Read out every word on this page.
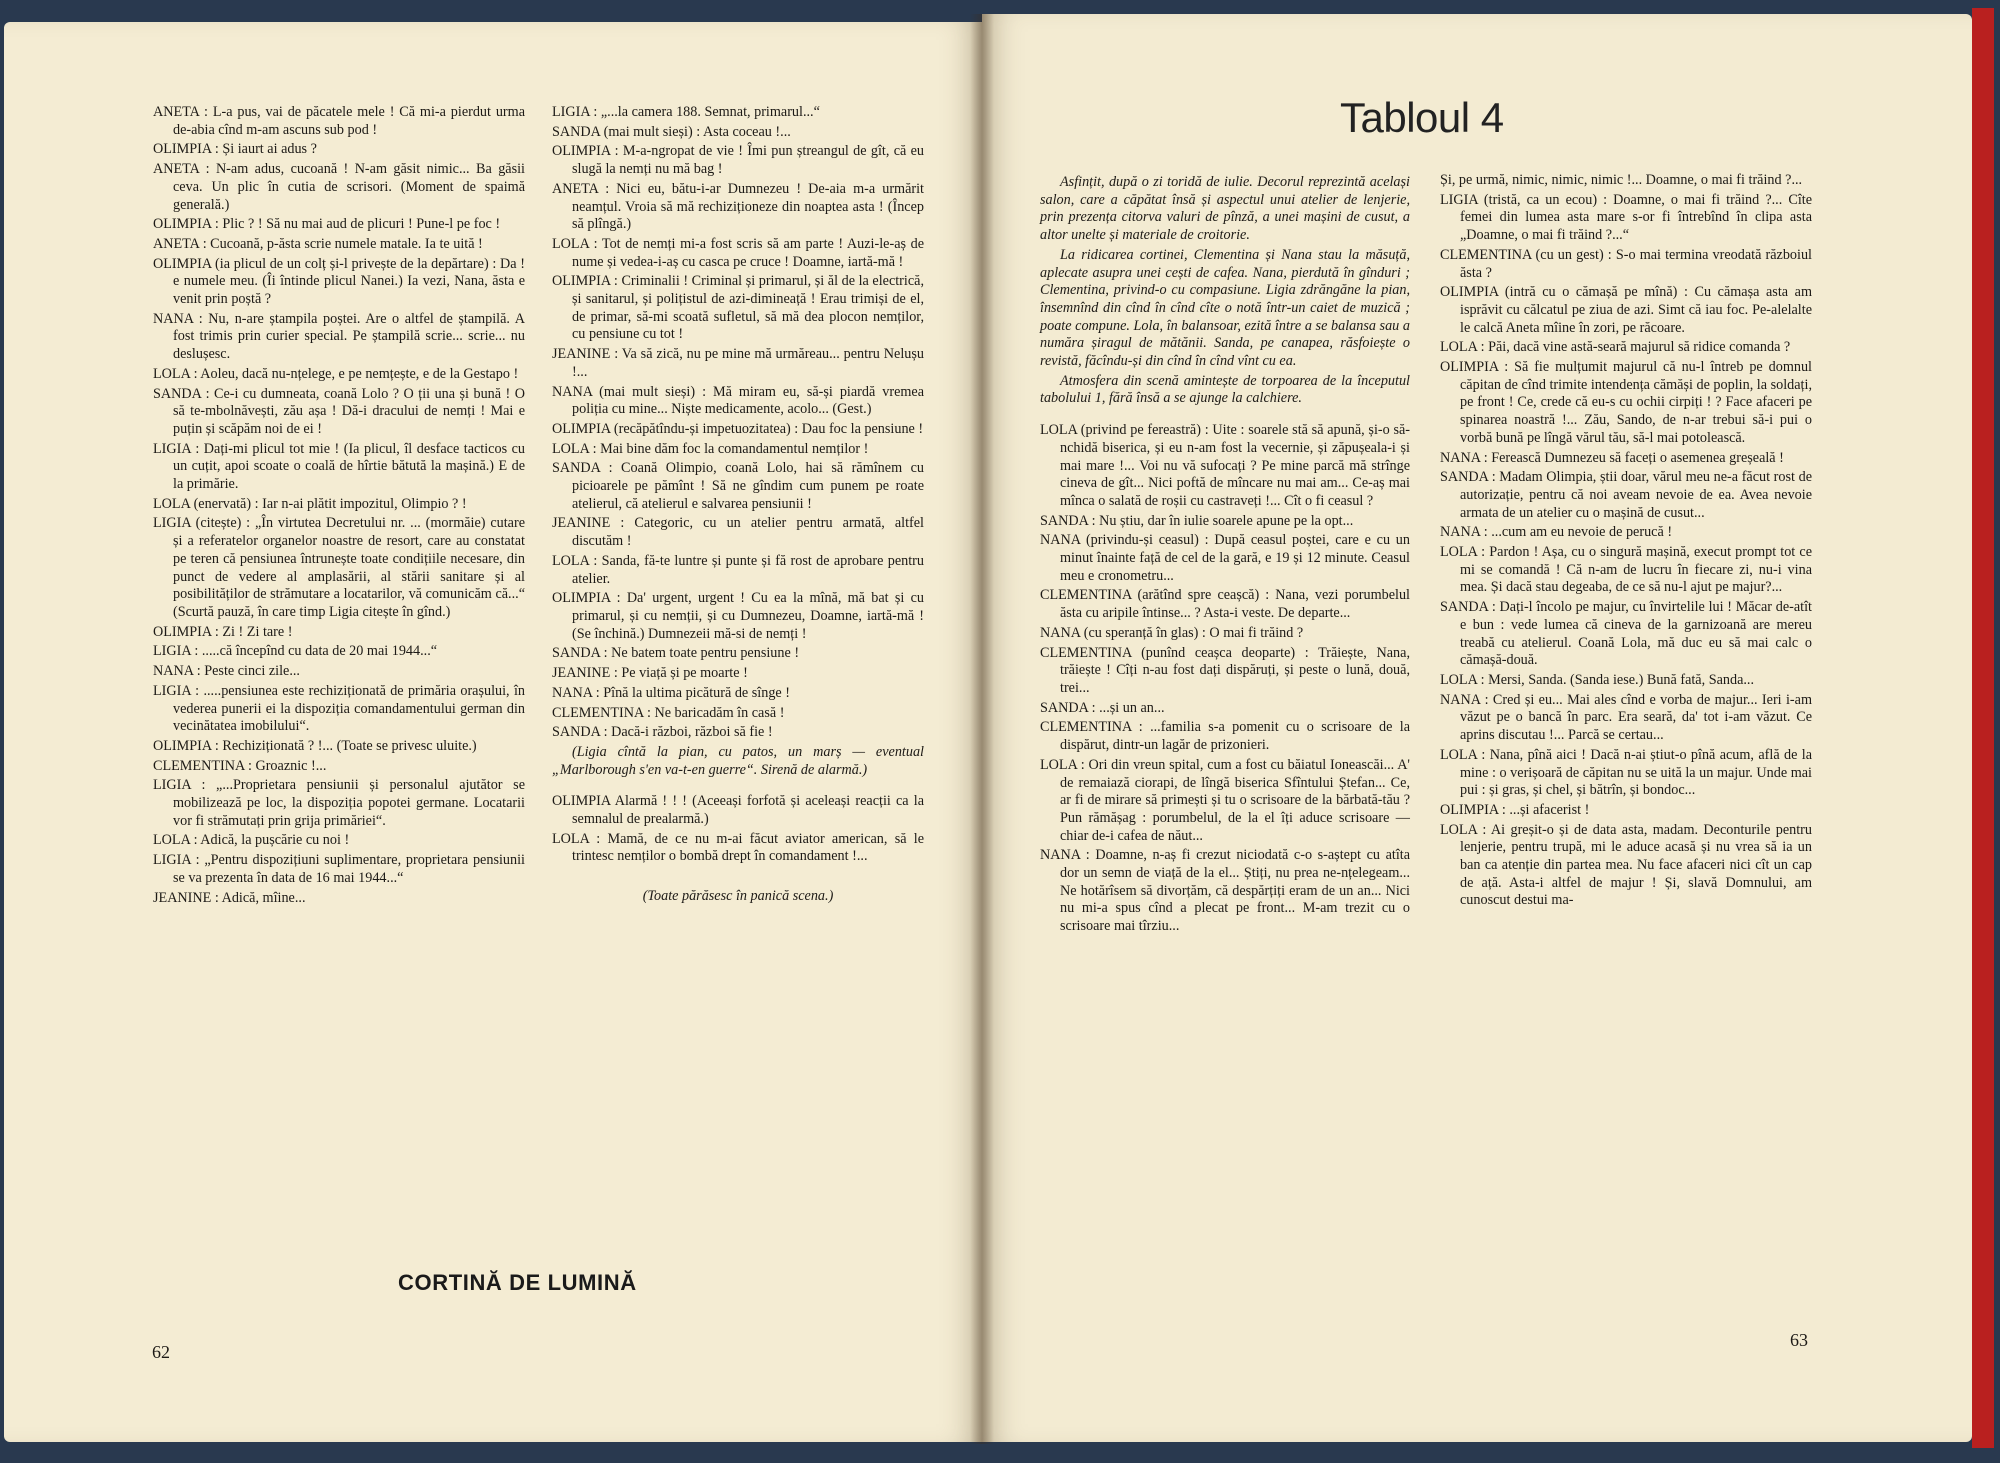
ANETA : L-a pus, vai de păcatele mele ! Că mi-a pierdut urma de-abia cînd m-am ascuns sub pod !

OLIMPIA : Și iaurt ai adus ?

ANETA : N-am adus, cucoană ! N-am găsit nimic... Ba găsii ceva. Un plic în cutia de scrisori. (Moment de spaimă generală.)

OLIMPIA : Plic ? ! Să nu mai aud de plicuri ! Pune-l pe foc !

ANETA : Cucoană, p-ăsta scrie numele matale. Ia te uită !

OLIMPIA (ia plicul de un colț și-l privește de la depărtare) : Da ! e numele meu. (Îi întinde plicul Nanei.) Ia vezi, Nana, ăsta e venit prin poștă ?

NANA : Nu, n-are ștampila poștei. Are o altfel de ștampilă. A fost trimis prin curier special. Pe ștampilă scrie... scrie... nu deslușesc.

LOLA : Aoleu, dacă nu-nțelege, e pe nemțește, e de la Gestapo !

SANDA : Ce-i cu dumneata, coană Lolo ? O ții una și bună ! O să te-mbolnăvești, zău așa ! Dă-i dracului de nemți ! Mai e puțin și scăpăm noi de ei !

LIGIA : Dați-mi plicul tot mie ! (Ia plicul, îl desface tacticos cu un cuțit, apoi scoate o coală de hîrtie bătută la mașină.) E de la primărie.

LOLA (enervată) : Iar n-ai plătit impozitul, Olimpio ? !

LIGIA (citește) : „În virtutea Decretului nr. ... (mormăie) cutare și a referatelor organelor noastre de resort, care au constatat pe teren că pensiunea întrunește toate condițiile necesare, din punct de vedere al amplasării, al stării sanitare și al posibilităților de strămutare a locatarilor, vă comunicăm că...“ (Scurtă pauză, în care timp Ligia citește în gînd.)

OLIMPIA : Zi ! Zi tare !

LIGIA : .....că începînd cu data de 20 mai 1944...“

NANA : Peste cinci zile...

LIGIA : .....pensiunea este rechiziționată de primăria orașului, în vederea punerii ei la dispoziția comandamentului german din vecinătatea imobilului“.

OLIMPIA : Rechiziționată ? !... (Toate se privesc uluite.)

CLEMENTINA : Groaznic !...

LIGIA : „...Proprietara pensiunii și personalul ajutător se mobilizează pe loc, la dispoziția popotei germane. Locatarii vor fi strămutați prin grija primăriei“.

LOLA : Adică, la pușcărie cu noi !

LIGIA : „Pentru dispozițiuni suplimentare, proprietara pensiunii se va prezenta în data de 16 mai 1944...“

JEANINE : Adică, mîine...

LIGIA : „...la camera 188. Semnat, primarul...“

SANDA (mai mult sieși) : Asta coceau !...

OLIMPIA : M-a-ngropat de vie ! Îmi pun ștreangul de gît, că eu slugă la nemți nu mă bag !

ANETA : Nici eu, bătu-i-ar Dumnezeu ! De-aia m-a urmărit neamțul. Vroia să mă rechiziționeze din noaptea asta ! (Încep să plîngă.)

LOLA : Tot de nemți mi-a fost scris să am parte ! Auzi-le-aș de nume și vedea-i-aș cu casca pe cruce ! Doamne, iartă-mă !

OLIMPIA : Criminalii ! Criminal și primarul, și ăl de la electrică, și sanitarul, și polițistul de azi-dimineață ! Erau trimiși de el, de primar, să-mi scoată sufletul, să mă dea plocon nemților, cu pensiune cu tot !

JEANINE : Va să zică, nu pe mine mă urmăreau... pentru Nelușu !...

NANA (mai mult sieși) : Mă miram eu, să-și piardă vremea poliția cu mine... Niște medicamente, acolo... (Gest.)

OLIMPIA (recăpătîndu-și impetuozitatea) : Dau foc la pensiune !

LOLA : Mai bine dăm foc la comandamentul nemților !

SANDA : Coană Olimpio, coană Lolo, hai să rămînem cu picioarele pe pămînt ! Să ne gîndim cum punem pe roate atelierul, că atelierul e salvarea pensiunii !

JEANINE : Categoric, cu un atelier pentru armată, altfel discutăm !

LOLA : Sanda, fă-te luntre și punte și fă rost de aprobare pentru atelier.

OLIMPIA : Da' urgent, urgent ! Cu ea la mînă, mă bat și cu primarul, și cu nemții, și cu Dumnezeu, Doamne, iartă-mă ! (Se închină.) Dumnezeii mă-si de nemți !

SANDA : Ne batem toate pentru pensiune !

JEANINE : Pe viață și pe moarte !

NANA : Pînă la ultima picătură de sînge !

CLEMENTINA : Ne baricadăm în casă !

SANDA : Dacă-i război, război să fie !

(Ligia cîntă la pian, cu patos, un marș — eventual „Marlborough s'en va-t-en guerre“. Sirenă de alarmă.)

OLIMPIA Alarmă ! ! ! (Aceeași forfotă și aceleași reacții ca la semnalul de prealarmă.)

LOLA : Mamă, de ce nu m-ai făcut aviator american, să le trintesc nemților o bombă drept în comandament !...

(Toate părăsesc în panică scena.)

CORTINĂ DE LUMINĂ
62
Tabloul 4

Asfințit, după o zi toridă de iulie. Decorul reprezintă același salon, care a căpătat însă și aspectul unui atelier de lenjerie, prin prezența citorva valuri de pînză, a unei mașini de cusut, a altor unelte și materiale de croitorie.

La ridicarea cortinei, Clementina și Nana stau la măsuță, aplecate asupra unei cești de cafea. Nana, pierdută în gînduri ; Clementina, privind-o cu compasiune. Ligia zdrăngăne la pian, însemnînd din cînd în cînd cîte o notă într-un caiet de muzică ; poate compune. Lola, în balansoar, ezită între a se balansa sau a număra șiragul de mătănii. Sanda, pe canapea, răsfoiește o revistă, făcîndu-și din cînd în cînd vînt cu ea.

Atmosfera din scenă amintește de torpoarea de la începutul tabolului 1, fără însă a se ajunge la calchiere.

LOLA (privind pe fereastră) : Uite : soarele stă să apună, și-o să-nchidă biserica, și eu n-am fost la vecernie, și zăpușeala-i și mai mare !... Voi nu vă sufocați ? Pe mine parcă mă strînge cineva de gît... Nici poftă de mîncare nu mai am... Ce-aș mai mînca o salată de roșii cu castraveți !... Cît o fi ceasul ?

SANDA : Nu știu, dar în iulie soarele apune pe la opt...

NANA (privindu-și ceasul) : După ceasul poștei, care e cu un minut înainte față de cel de la gară, e 19 și 12 minute. Ceasul meu e cronometru...

CLEMENTINA (arătînd spre ceașcă) : Nana, vezi porumbelul ăsta cu aripile întinse... ? Asta-i veste. De departe...

NANA (cu speranță în glas) : O mai fi trăind ?

CLEMENTINA (punînd ceașca deoparte) : Trăiește, Nana, trăiește ! Cîți n-au fost dați dispăruți, și peste o lună, două, trei...

SANDA : ...și un an...

CLEMENTINA : ...familia s-a pomenit cu o scrisoare de la dispărut, dintr-un lagăr de prizonieri.

LOLA : Ori din vreun spital, cum a fost cu băiatul Ioneascăi... A' de remaiază ciorapi, de lîngă biserica Sfîntului Ștefan... Ce, ar fi de mirare să primești și tu o scrisoare de la bărbată-tău ? Pun rămășag : porumbelul, de la el îți aduce scrisoare — chiar de-i cafea de năut...

NANA : Doamne, n-aș fi crezut niciodată c-o s-aștept cu atîta dor un semn de viață de la el... Știți, nu prea ne-nțelegeam... Ne hotărîsem să divorțăm, că despărțiți eram de un an... Nici nu mi-a spus cînd a plecat pe front... M-am trezit cu o scrisoare mai tîrziu...

Și, pe urmă, nimic, nimic, nimic !... Doamne, o mai fi trăind ?...

LIGIA (tristă, ca un ecou) : Doamne, o mai fi trăind ?... Cîte femei din lumea asta mare s-or fi întrebînd în clipa asta „Doamne, o mai fi trăind ?...“

CLEMENTINA (cu un gest) : S-o mai termina vreodată războiul ăsta ?

OLIMPIA (intră cu o cămașă pe mînă) : Cu cămașa asta am isprăvit cu călcatul pe ziua de azi. Simt că iau foc. Pe-alelalte le calcă Aneta mîine în zori, pe răcoare.

LOLA : Păi, dacă vine astă-seară majurul să ridice comanda ?

OLIMPIA : Să fie mulțumit majurul că nu-l întreb pe domnul căpitan de cînd trimite intendența cămăși de poplin, la soldați, pe front ! Ce, crede că eu-s cu ochii cirpiți ! ? Face afaceri pe spinarea noastră !... Zău, Sando, de n-ar trebui să-i pui o vorbă bună pe lîngă vărul tău, să-l mai potolească.

NANA : Ferească Dumnezeu să faceți o asemenea greșeală !

SANDA : Madam Olimpia, știi doar, vărul meu ne-a făcut rost de autorizație, pentru că noi aveam nevoie de ea. Avea nevoie armata de un atelier cu o mașină de cusut...

NANA : ...cum am eu nevoie de perucă !

LOLA : Pardon ! Așa, cu o singură mașină, execut prompt tot ce mi se comandă ! Că n-am de lucru în fiecare zi, nu-i vina mea. Și dacă stau degeaba, de ce să nu-l ajut pe majur?...

SANDA : Dați-l încolo pe majur, cu învirtelile lui ! Măcar de-atît e bun : vede lumea că cineva de la garnizoană are mereu treabă cu atelierul. Coană Lola, mă duc eu să mai calc o cămașă-două.

LOLA : Mersi, Sanda. (Sanda iese.) Bună fată, Sanda...

NANA : Cred și eu... Mai ales cînd e vorba de majur... Ieri i-am văzut pe o bancă în parc. Era seară, da' tot i-am văzut. Ce aprins discutau !... Parcă se certau...

LOLA : Nana, pînă aici ! Dacă n-ai știut-o pînă acum, află de la mine : o verișoară de căpitan nu se uită la un majur. Unde mai pui : și gras, și chel, și bătrîn, și bondoc...

OLIMPIA : ...și afacerist !

LOLA : Ai greșit-o și de data asta, madam. Deconturile pentru lenjerie, pentru trupă, mi le aduce acasă și nu vrea să ia un ban ca atenție din partea mea. Nu face afaceri nici cît un cap de ață. Asta-i altfel de majur ! Și, slavă Domnului, am cunoscut destui ma-

63
